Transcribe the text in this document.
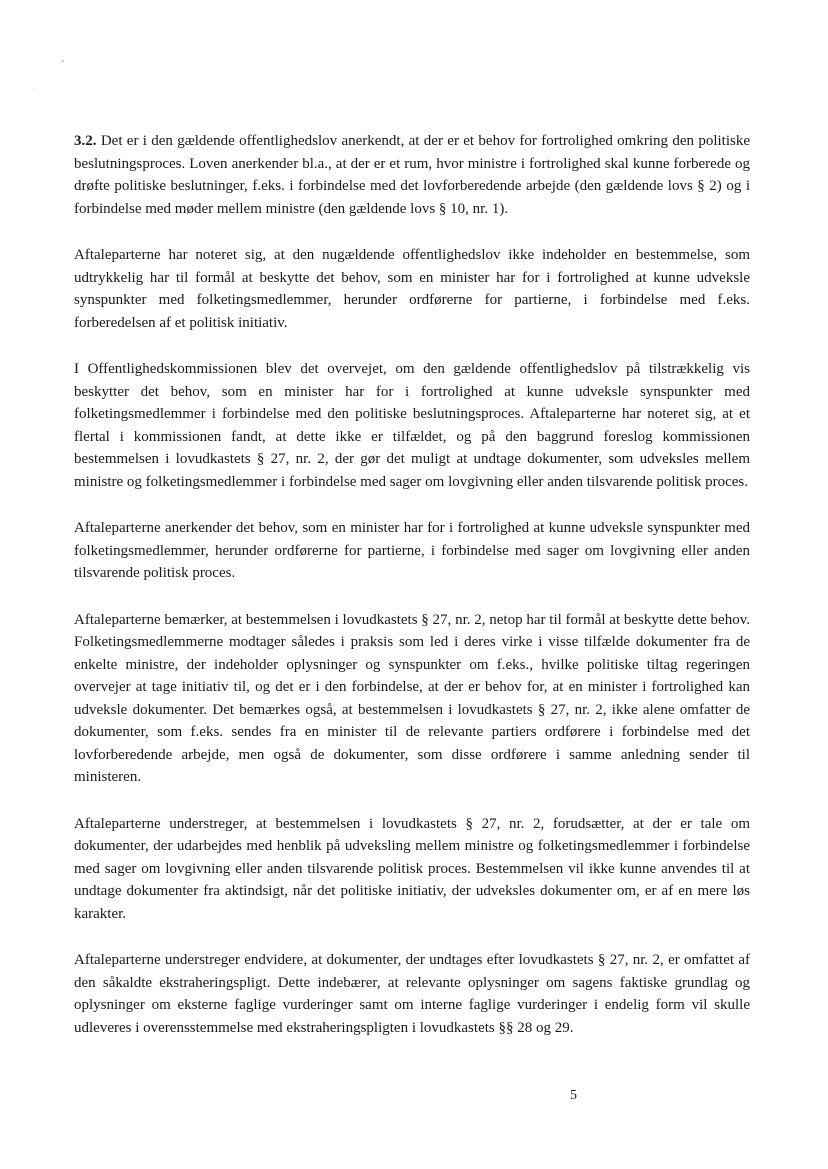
3.2. Det er i den gældende offentlighedslov anerkendt, at der er et behov for fortrolighed omkring den politiske beslutningsproces. Loven anerkender bl.a., at der er et rum, hvor ministre i fortrolighed skal kunne forberede og drøfte politiske beslutninger, f.eks. i forbindelse med det lovforberedende arbejde (den gældende lovs § 2) og i forbindelse med møder mellem ministre (den gældende lovs § 10, nr. 1).

Aftaleparterne har noteret sig, at den nugældende offentlighedslov ikke indeholder en bestemmelse, som udtrykkelig har til formål at beskytte det behov, som en minister har for i fortrolighed at kunne udveksle synspunkter med folketingsmedlemmer, herunder ordførerne for partierne, i forbindelse med f.eks. forberedelsen af et politisk initiativ.

I Offentlighedskommissionen blev det overvejet, om den gældende offentlighedslov på tilstrækkelig vis beskytter det behov, som en minister har for i fortrolighed at kunne udveksle synspunkter med folketingsmedlemmer i forbindelse med den politiske beslutningsproces. Aftaleparterne har noteret sig, at et flertal i kommissionen fandt, at dette ikke er tilfældet, og på den baggrund foreslog kommissionen bestemmelsen i lovudkastets § 27, nr. 2, der gør det muligt at undtage dokumenter, som udveksles mellem ministre og folketingsmedlemmer i forbindelse med sager om lovgivning eller anden tilsvarende politisk proces.

Aftaleparterne anerkender det behov, som en minister har for i fortrolighed at kunne udveksle synspunkter med folketingsmedlemmer, herunder ordførerne for partierne, i forbindelse med sager om lovgivning eller anden tilsvarende politisk proces.

Aftaleparterne bemærker, at bestemmelsen i lovudkastets § 27, nr. 2, netop har til formål at beskytte dette behov. Folketingsmedlemmerne modtager således i praksis som led i deres virke i visse tilfælde dokumenter fra de enkelte ministre, der indeholder oplysninger og synspunkter om f.eks., hvilke politiske tiltag regeringen overvejer at tage initiativ til, og det er i den forbindelse, at der er behov for, at en minister i fortrolighed kan udveksle dokumenter. Det bemærkes også, at bestemmelsen i lovudkastets § 27, nr. 2, ikke alene omfatter de dokumenter, som f.eks. sendes fra en minister til de relevante partiers ordførere i forbindelse med det lovforberedende arbejde, men også de dokumenter, som disse ordførere i samme anledning sender til ministeren.

Aftaleparterne understreger, at bestemmelsen i lovudkastets § 27, nr. 2, forudsætter, at der er tale om dokumenter, der udarbejdes med henblik på udveksling mellem ministre og folketingsmedlemmer i forbindelse med sager om lovgivning eller anden tilsvarende politisk proces. Bestemmelsen vil ikke kunne anvendes til at undtage dokumenter fra aktindsigt, når det politiske initiativ, der udveksles dokumenter om, er af en mere løs karakter.

Aftaleparterne understreger endvidere, at dokumenter, der undtages efter lovudkastets § 27, nr. 2, er omfattet af den såkaldte ekstraheringspligt. Dette indebærer, at relevante oplysninger om sagens faktiske grundlag og oplysninger om eksterne faglige vurderinger samt om interne faglige vurderinger i endelig form vil skulle udleveres i overensstemmelse med ekstraheringspligten i lovudkastets §§ 28 og 29.

5
